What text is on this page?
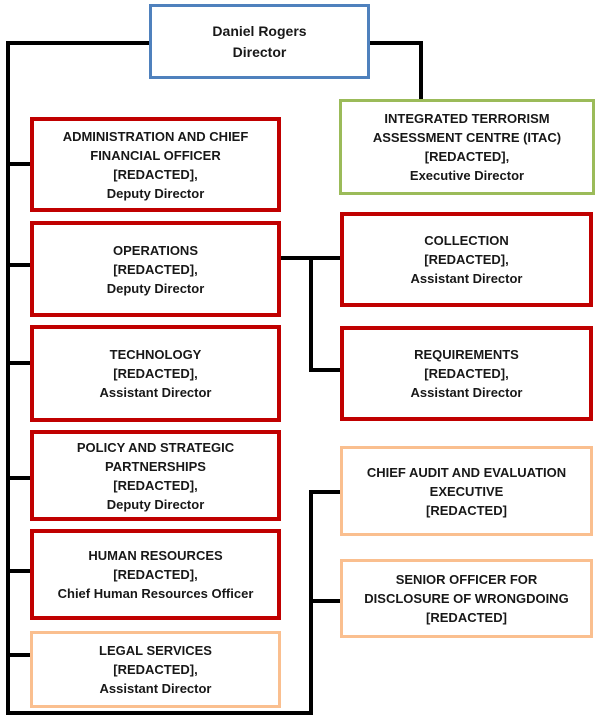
Daniel Rogers
Director
INTEGRATED TERRORISM ASSESSMENT CENTRE (ITAC)
[REDACTED],
Executive Director
ADMINISTRATION AND CHIEF FINANCIAL OFFICER
[REDACTED],
Deputy Director
OPERATIONS
[REDACTED],
Deputy Director
TECHNOLOGY
[REDACTED],
Assistant Director
POLICY AND STRATEGIC PARTNERSHIPS
[REDACTED],
Deputy Director
HUMAN RESOURCES
[REDACTED],
Chief Human Resources Officer
LEGAL SERVICES
[REDACTED],
Assistant Director
COLLECTION
[REDACTED],
Assistant Director
REQUIREMENTS
[REDACTED],
Assistant Director
CHIEF AUDIT AND EVALUATION EXECUTIVE
[REDACTED]
SENIOR OFFICER FOR DISCLOSURE OF WRONGDOING
[REDACTED]
